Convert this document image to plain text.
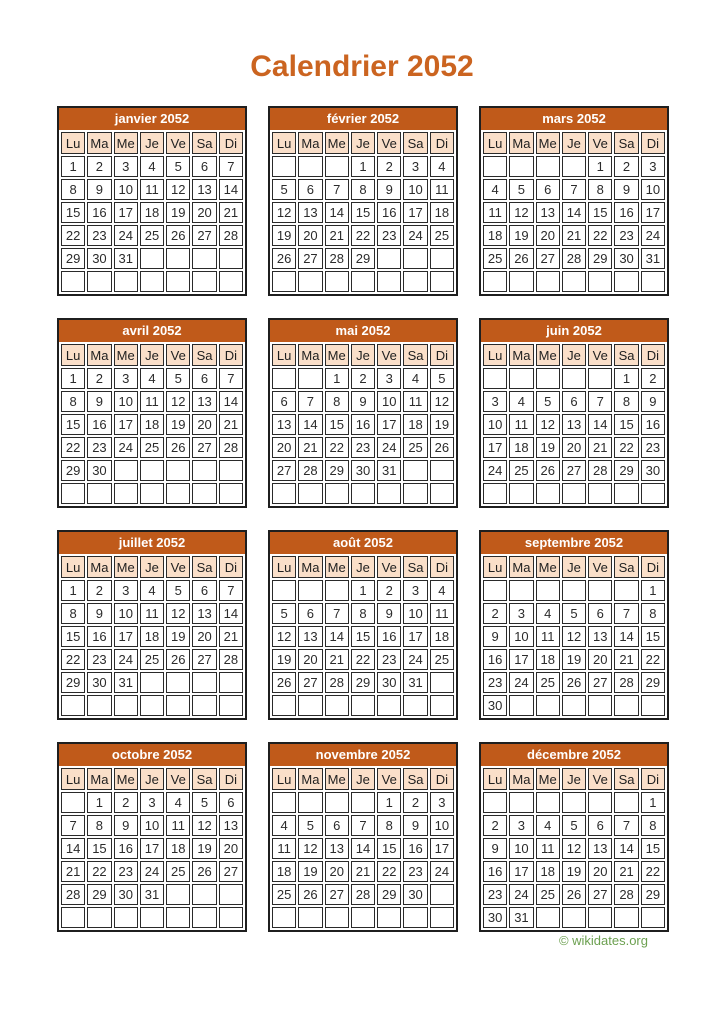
Calendrier 2052
janvier 2052
Lu	Ma	Me	Je	Ve	Sa	Di
1	2	3	4	5	6	7
8	9	10	11	12	13	14
15	16	17	18	19	20	21
22	23	24	25	26	27	28
29	30	31				

février 2052
Lu	Ma	Me	Je	Ve	Sa	Di
			1	2	3	4
5	6	7	8	9	10	11
12	13	14	15	16	17	18
19	20	21	22	23	24	25
26	27	28	29			

mars 2052
Lu	Ma	Me	Je	Ve	Sa	Di
				1	2	3
4	5	6	7	8	9	10
11	12	13	14	15	16	17
18	19	20	21	22	23	24
25	26	27	28	29	30	31

avril 2052
Lu	Ma	Me	Je	Ve	Sa	Di
1	2	3	4	5	6	7
8	9	10	11	12	13	14
15	16	17	18	19	20	21
22	23	24	25	26	27	28
29	30					

mai 2052
Lu	Ma	Me	Je	Ve	Sa	Di
		1	2	3	4	5
6	7	8	9	10	11	12
13	14	15	16	17	18	19
20	21	22	23	24	25	26
27	28	29	30	31		

juin 2052
Lu	Ma	Me	Je	Ve	Sa	Di
					1	2
3	4	5	6	7	8	9
10	11	12	13	14	15	16
17	18	19	20	21	22	23
24	25	26	27	28	29	30

juillet 2052
Lu	Ma	Me	Je	Ve	Sa	Di
1	2	3	4	5	6	7
8	9	10	11	12	13	14
15	16	17	18	19	20	21
22	23	24	25	26	27	28
29	30	31				

août 2052
Lu	Ma	Me	Je	Ve	Sa	Di
			1	2	3	4
5	6	7	8	9	10	11
12	13	14	15	16	17	18
19	20	21	22	23	24	25
26	27	28	29	30	31	

septembre 2052
Lu	Ma	Me	Je	Ve	Sa	Di
						1
2	3	4	5	6	7	8
9	10	11	12	13	14	15
16	17	18	19	20	21	22
23	24	25	26	27	28	29
30						
octobre 2052
Lu	Ma	Me	Je	Ve	Sa	Di
	1	2	3	4	5	6
7	8	9	10	11	12	13
14	15	16	17	18	19	20
21	22	23	24	25	26	27
28	29	30	31			

novembre 2052
Lu	Ma	Me	Je	Ve	Sa	Di
				1	2	3
4	5	6	7	8	9	10
11	12	13	14	15	16	17
18	19	20	21	22	23	24
25	26	27	28	29	30	

décembre 2052
Lu	Ma	Me	Je	Ve	Sa	Di
						1
2	3	4	5	6	7	8
9	10	11	12	13	14	15
16	17	18	19	20	21	22
23	24	25	26	27	28	29
30	31					
© wikidates.org
